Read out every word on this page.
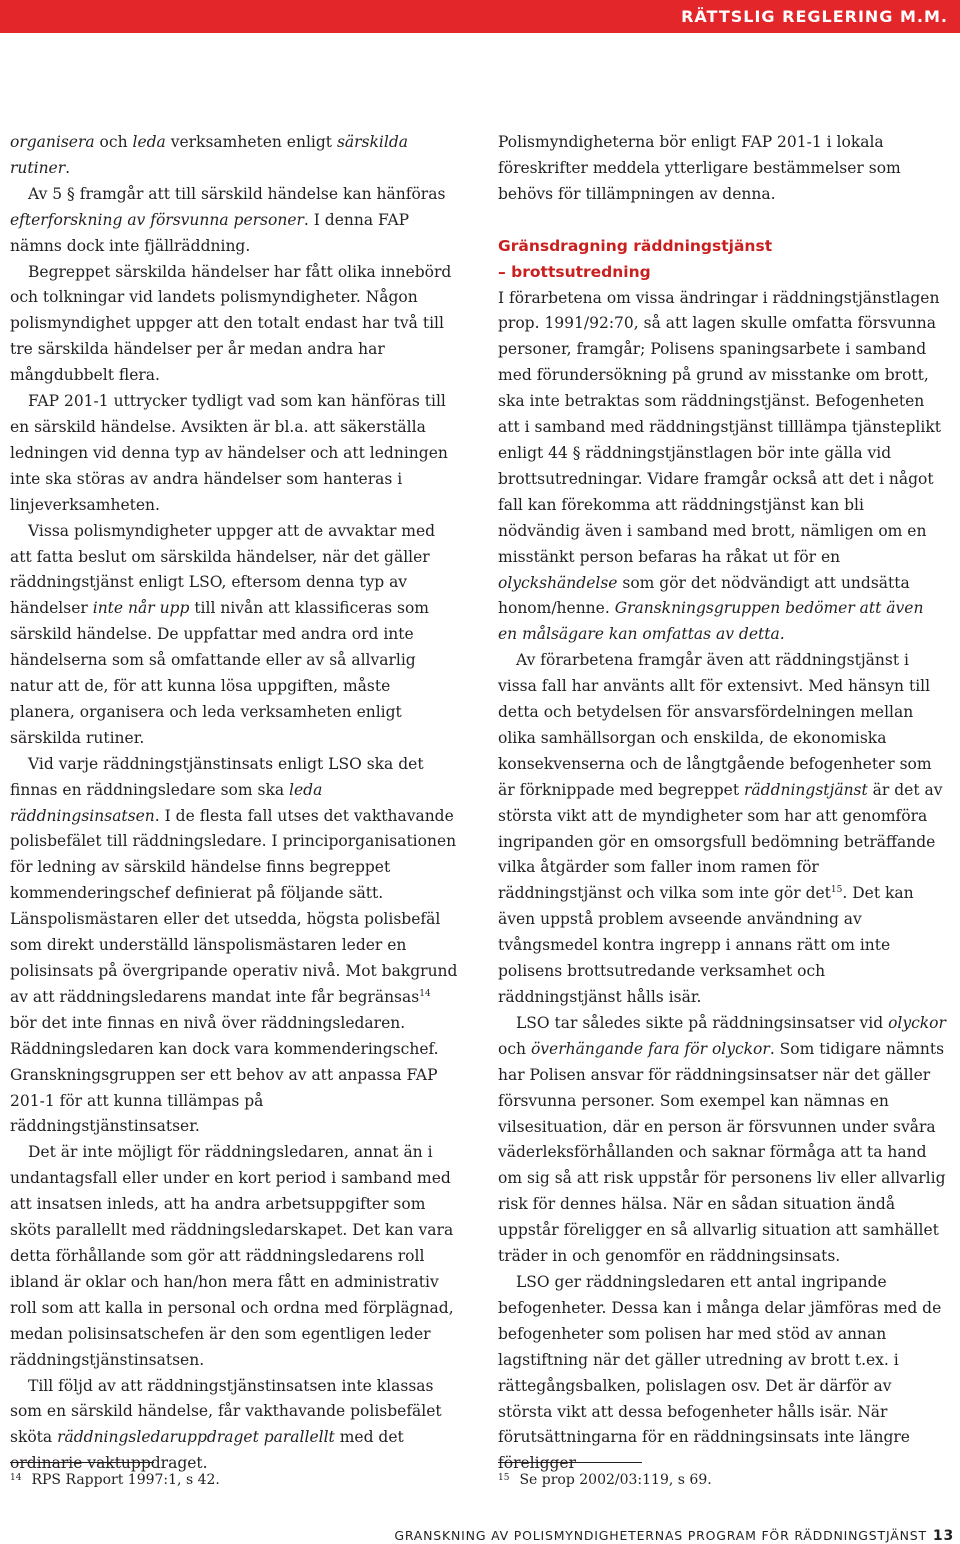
RÄTTSLIG REGLERING M.M.

organisera och leda verksamheten enligt särskilda rutiner.

Av 5 § framgår att till särskild händelse kan hänföras efterforskning av försvunna personer. I denna FAP nämns dock inte fjällräddning.

Begreppet särskilda händelser har fått olika innebörd och tolkningar vid landets polismyndigheter. Någon polismyndighet uppger att den totalt endast har två till tre särskilda händelser per år medan andra har mångdubbelt flera.

FAP 201-1 uttrycker tydligt vad som kan hänföras till en särskild händelse. Avsikten är bl.a. att säkerställa ledningen vid denna typ av händelser och att ledningen inte ska störas av andra händelser som hanteras i linjeverksamheten.

Vissa polismyndigheter uppger att de avvaktar med att fatta beslut om särskilda händelser, när det gäller räddningstjänst enligt LSO, eftersom denna typ av händelser inte når upp till nivån att klassificeras som särskild händelse. De uppfattar med andra ord inte händelserna som så omfattande eller av så allvarlig natur att de, för att kunna lösa uppgiften, måste planera, organisera och leda verksamheten enligt särskilda rutiner.

Vid varje räddningstjänstinsats enligt LSO ska det finnas en räddningsledare som ska leda räddningsinsatsen. I de flesta fall utses det vakthavande polisbefälet till räddningsledare. I principorganisationen för ledning av särskild händelse finns begreppet kommenderingschef definierat på följande sätt. Länspolismästaren eller det utsedda, högsta polisbefäl som direkt underställd länspolismästaren leder en polisinsats på övergripande operativ nivå. Mot bakgrund av att räddningsledarens mandat inte får begränsas$^{14}$ bör det inte finnas en nivå över räddningsledaren. Räddningsledaren kan dock vara kommenderingschef. Granskningsgruppen ser ett behov av att anpassa FAP 201-1 för att kunna tillämpas på räddningstjänstinsatser.

Det är inte möjligt för räddningsledaren, annat än i undantagsfall eller under en kort period i samband med att insatsen inleds, att ha andra arbetsuppgifter som sköts parallellt med räddningsledarskapet. Det kan vara detta förhållande som gör att räddningsledarens roll ibland är oklar och han/hon mera fått en administrativ roll som att kalla in personal och ordna med förplägnad, medan polisinsatschefen är den som egentligen leder räddningstjänstinsatsen.

Till följd av att räddningstjänstinsatsen inte klassas som en särskild händelse, får vakthavande polisbefälet sköta räddningsledaruppdraget parallellt med det ordinarie vaktuppdraget.

Polismyndigheterna bör enligt FAP 201-1 i lokala föreskrifter meddela ytterligare bestämmelser som behövs för tillämpningen av denna.

Gränsdragning räddningstjänst
– brottsutredning

I förarbetena om vissa ändringar i räddningstjänstlagen prop. 1991/92:70, så att lagen skulle omfatta försvunna personer, framgår; Polisens spaningsarbete i samband med förundersökning på grund av misstanke om brott, ska inte betraktas som räddningstjänst. Befogenheten att i samband med räddningstjänst tilllämpa tjänsteplikt enligt 44 § räddningstjänstlagen bör inte gälla vid brottsutredningar. Vidare framgår också att det i något fall kan förekomma att räddningstjänst kan bli nödvändig även i samband med brott, nämligen om en misstänkt person befaras ha råkat ut för en olyckshändelse som gör det nödvändigt att undsätta honom/henne. Granskningsgruppen bedömer att även en målsägare kan omfattas av detta.

Av förarbetena framgår även att räddningstjänst i vissa fall har använts allt för extensivt. Med hänsyn till detta och betydelsen för ansvarsfördelningen mellan olika samhällsorgan och enskilda, de ekonomiska konsekvenserna och de långtgående befogenheter som är förknippade med begreppet räddningstjänst är det av största vikt att de myndigheter som har att genomföra ingripanden gör en omsorgsfull bedömning beträffande vilka åtgärder som faller inom ramen för räddningstjänst och vilka som inte gör det$^{15}$. Det kan även uppstå problem avseende användning av tvångsmedel kontra ingrepp i annans rätt om inte polisens brottsutredande verksamhet och räddningstjänst hålls isär.

LSO tar således sikte på räddningsinsatser vid olyckor och överhängande fara för olyckor. Som tidigare nämnts har Polisen ansvar för räddningsinsatser när det gäller försvunna personer. Som exempel kan nämnas en vilsesituation, där en person är försvunnen under svåra väderleksförhållanden och saknar förmåga att ta hand om sig så att risk uppstår för personens liv eller allvarlig risk för dennes hälsa. När en sådan situation ändå uppstår föreligger en så allvarlig situation att samhället träder in och genomför en räddningsinsats.

LSO ger räddningsledaren ett antal ingripande befogenheter. Dessa kan i många delar jämföras med de befogenheter som polisen har med stöd av annan lagstiftning när det gäller utredning av brott t.ex. i rättegångsbalken, polislagen osv. Det är därför av största vikt att dessa befogenheter hålls isär. När förutsättningarna för en räddningsinsats inte längre föreligger

$^{14}$ RPS Rapport 1997:1, s 42.	$^{15}$ Se prop 2002/03:119, s 69.
GRANSKNING AV POLISMYNDIGHETERNAS PROGRAM FÖR RÄDDNINGSTJÄNST 13
